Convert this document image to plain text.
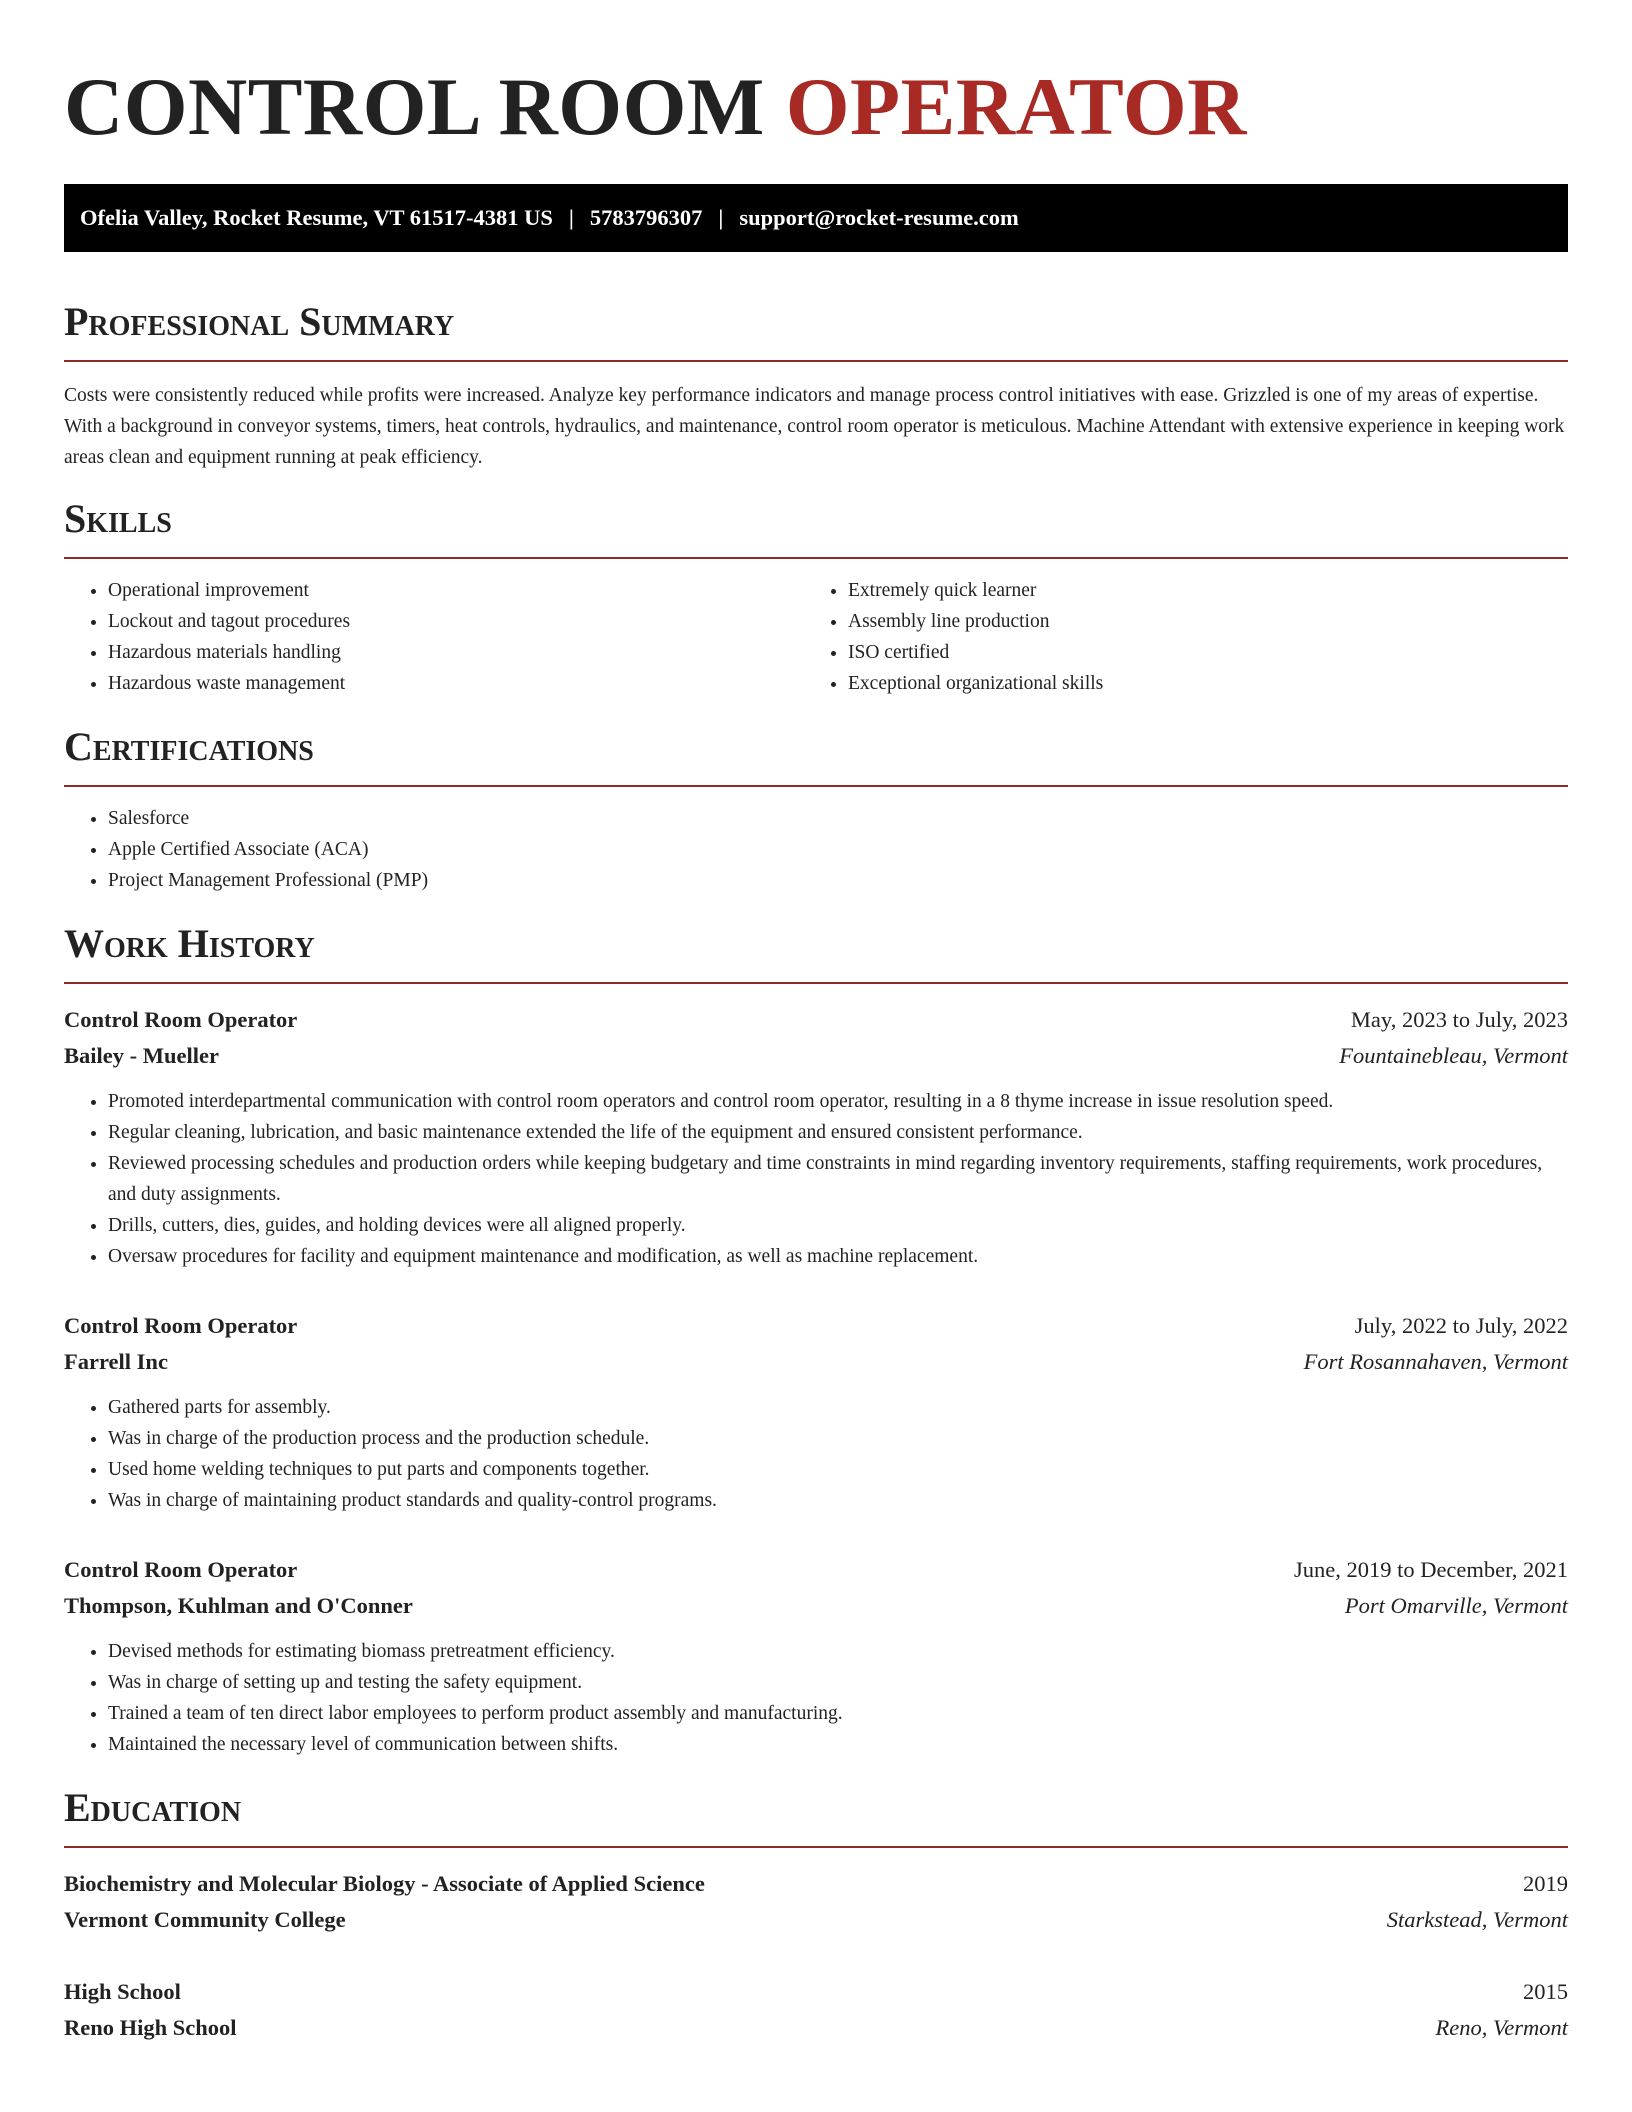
CONTROL ROOM OPERATOR
Ofelia Valley, Rocket Resume, VT 61517-4381 US | 5783796307 | support@rocket-resume.com
Professional Summary

Costs were consistently reduced while profits were increased. Analyze key performance indicators and manage process control initiatives with ease. Grizzled is one of my areas of expertise. With a background in conveyor systems, timers, heat controls, hydraulics, and maintenance, control room operator is meticulous. Machine Attendant with extensive experience in keeping work areas clean and equipment running at peak efficiency.

Skills
• Operational improvement
• Lockout and tagout procedures
• Hazardous materials handling
• Hazardous waste management
• Extremely quick learner
• Assembly line production
• ISO certified
• Exceptional organizational skills
Certifications
• Salesforce
• Apple Certified Associate (ACA)
• Project Management Professional (PMP)
Work History
Control Room Operator	May, 2023 to July, 2023
Bailey - Mueller	Fountainebleau, Vermont
• Promoted interdepartmental communication with control room operators and control room operator, resulting in a 8 thyme increase in issue resolution speed.
• Regular cleaning, lubrication, and basic maintenance extended the life of the equipment and ensured consistent performance.
• Reviewed processing schedules and production orders while keeping budgetary and time constraints in mind regarding inventory requirements, staffing requirements, work procedures, and duty assignments.
• Drills, cutters, dies, guides, and holding devices were all aligned properly.
• Oversaw procedures for facility and equipment maintenance and modification, as well as machine replacement.
Control Room Operator	July, 2022 to July, 2022
Farrell Inc	Fort Rosannahaven, Vermont
• Gathered parts for assembly.
• Was in charge of the production process and the production schedule.
• Used home welding techniques to put parts and components together.
• Was in charge of maintaining product standards and quality-control programs.
Control Room Operator	June, 2019 to December, 2021
Thompson, Kuhlman and O'Conner	Port Omarville, Vermont
• Devised methods for estimating biomass pretreatment efficiency.
• Was in charge of setting up and testing the safety equipment.
• Trained a team of ten direct labor employees to perform product assembly and manufacturing.
• Maintained the necessary level of communication between shifts.
Education
Biochemistry and Molecular Biology - Associate of Applied Science	2019
Vermont Community College	Starkstead, Vermont
High School	2015
Reno High School	Reno, Vermont
